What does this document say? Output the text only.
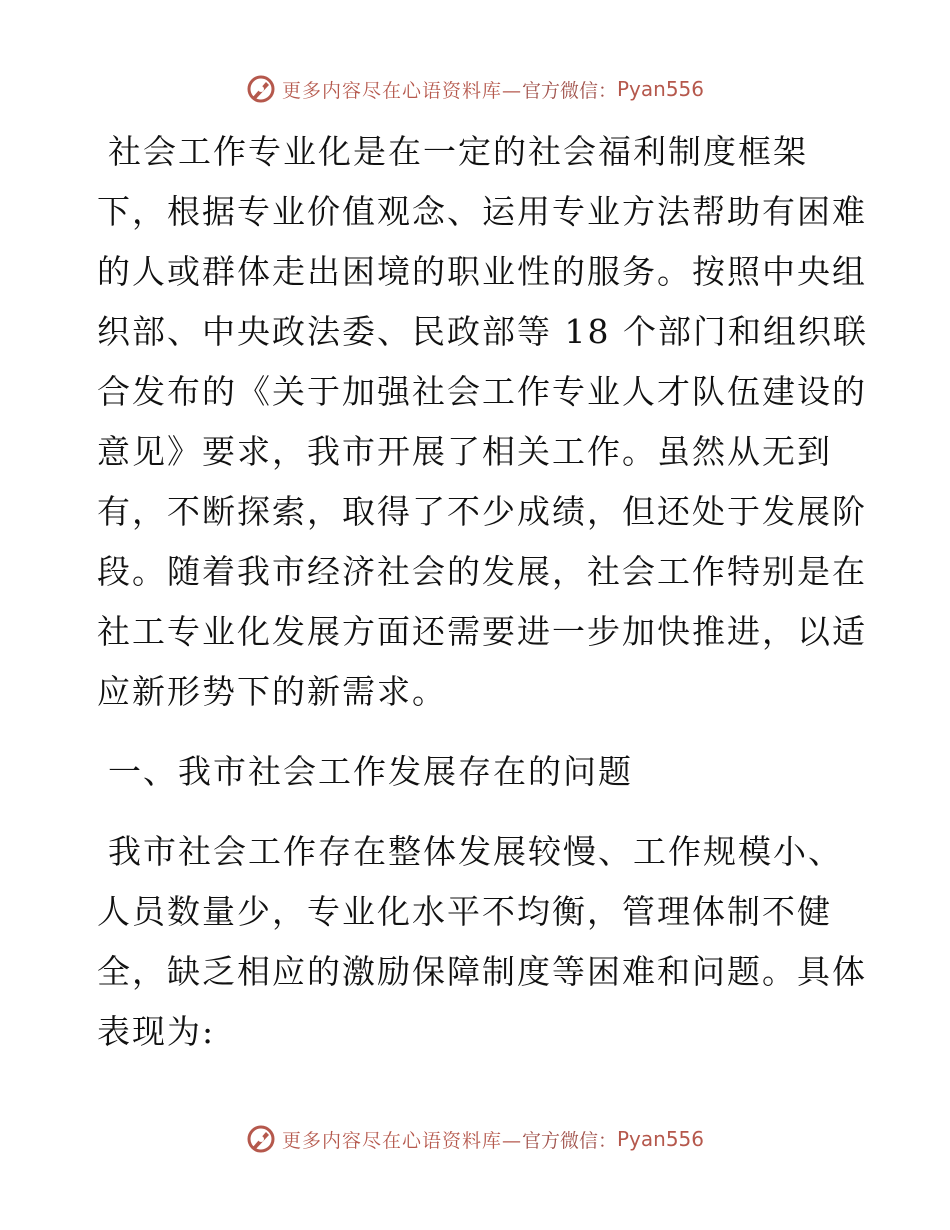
更多内容尽在心语资料库— 官方微信： Pyan556
社会工作专业化是在一定的社会福利制度框架
下，根据专业价值观念、运用专业方法帮助有困难
的人或群体走出困境的职业性的服务。按照中央组
织部、中央政法委、民政部等 18 个部门和组织联
合发布的《关于加强社会工作专业人才队伍建设的
意见》要求，我市开展了相关工作。虽然从无到
有，不断探索，取得了不少成绩，但还处于发展阶
段。随着我市经济社会的发展，社会工作特别是在
社工专业化发展方面还需要进一步加快推进，以适
应新形势下的新需求。
一、我市社会工作发展存在的问题
我市社会工作存在整体发展较慢、工作规模小、
人员数量少，专业化水平不均衡，管理体制不健
全，缺乏相应的激励保障制度等困难和问题。具体
表现为:
更多内容尽在心语资料库— 官方微信： Pyan556
